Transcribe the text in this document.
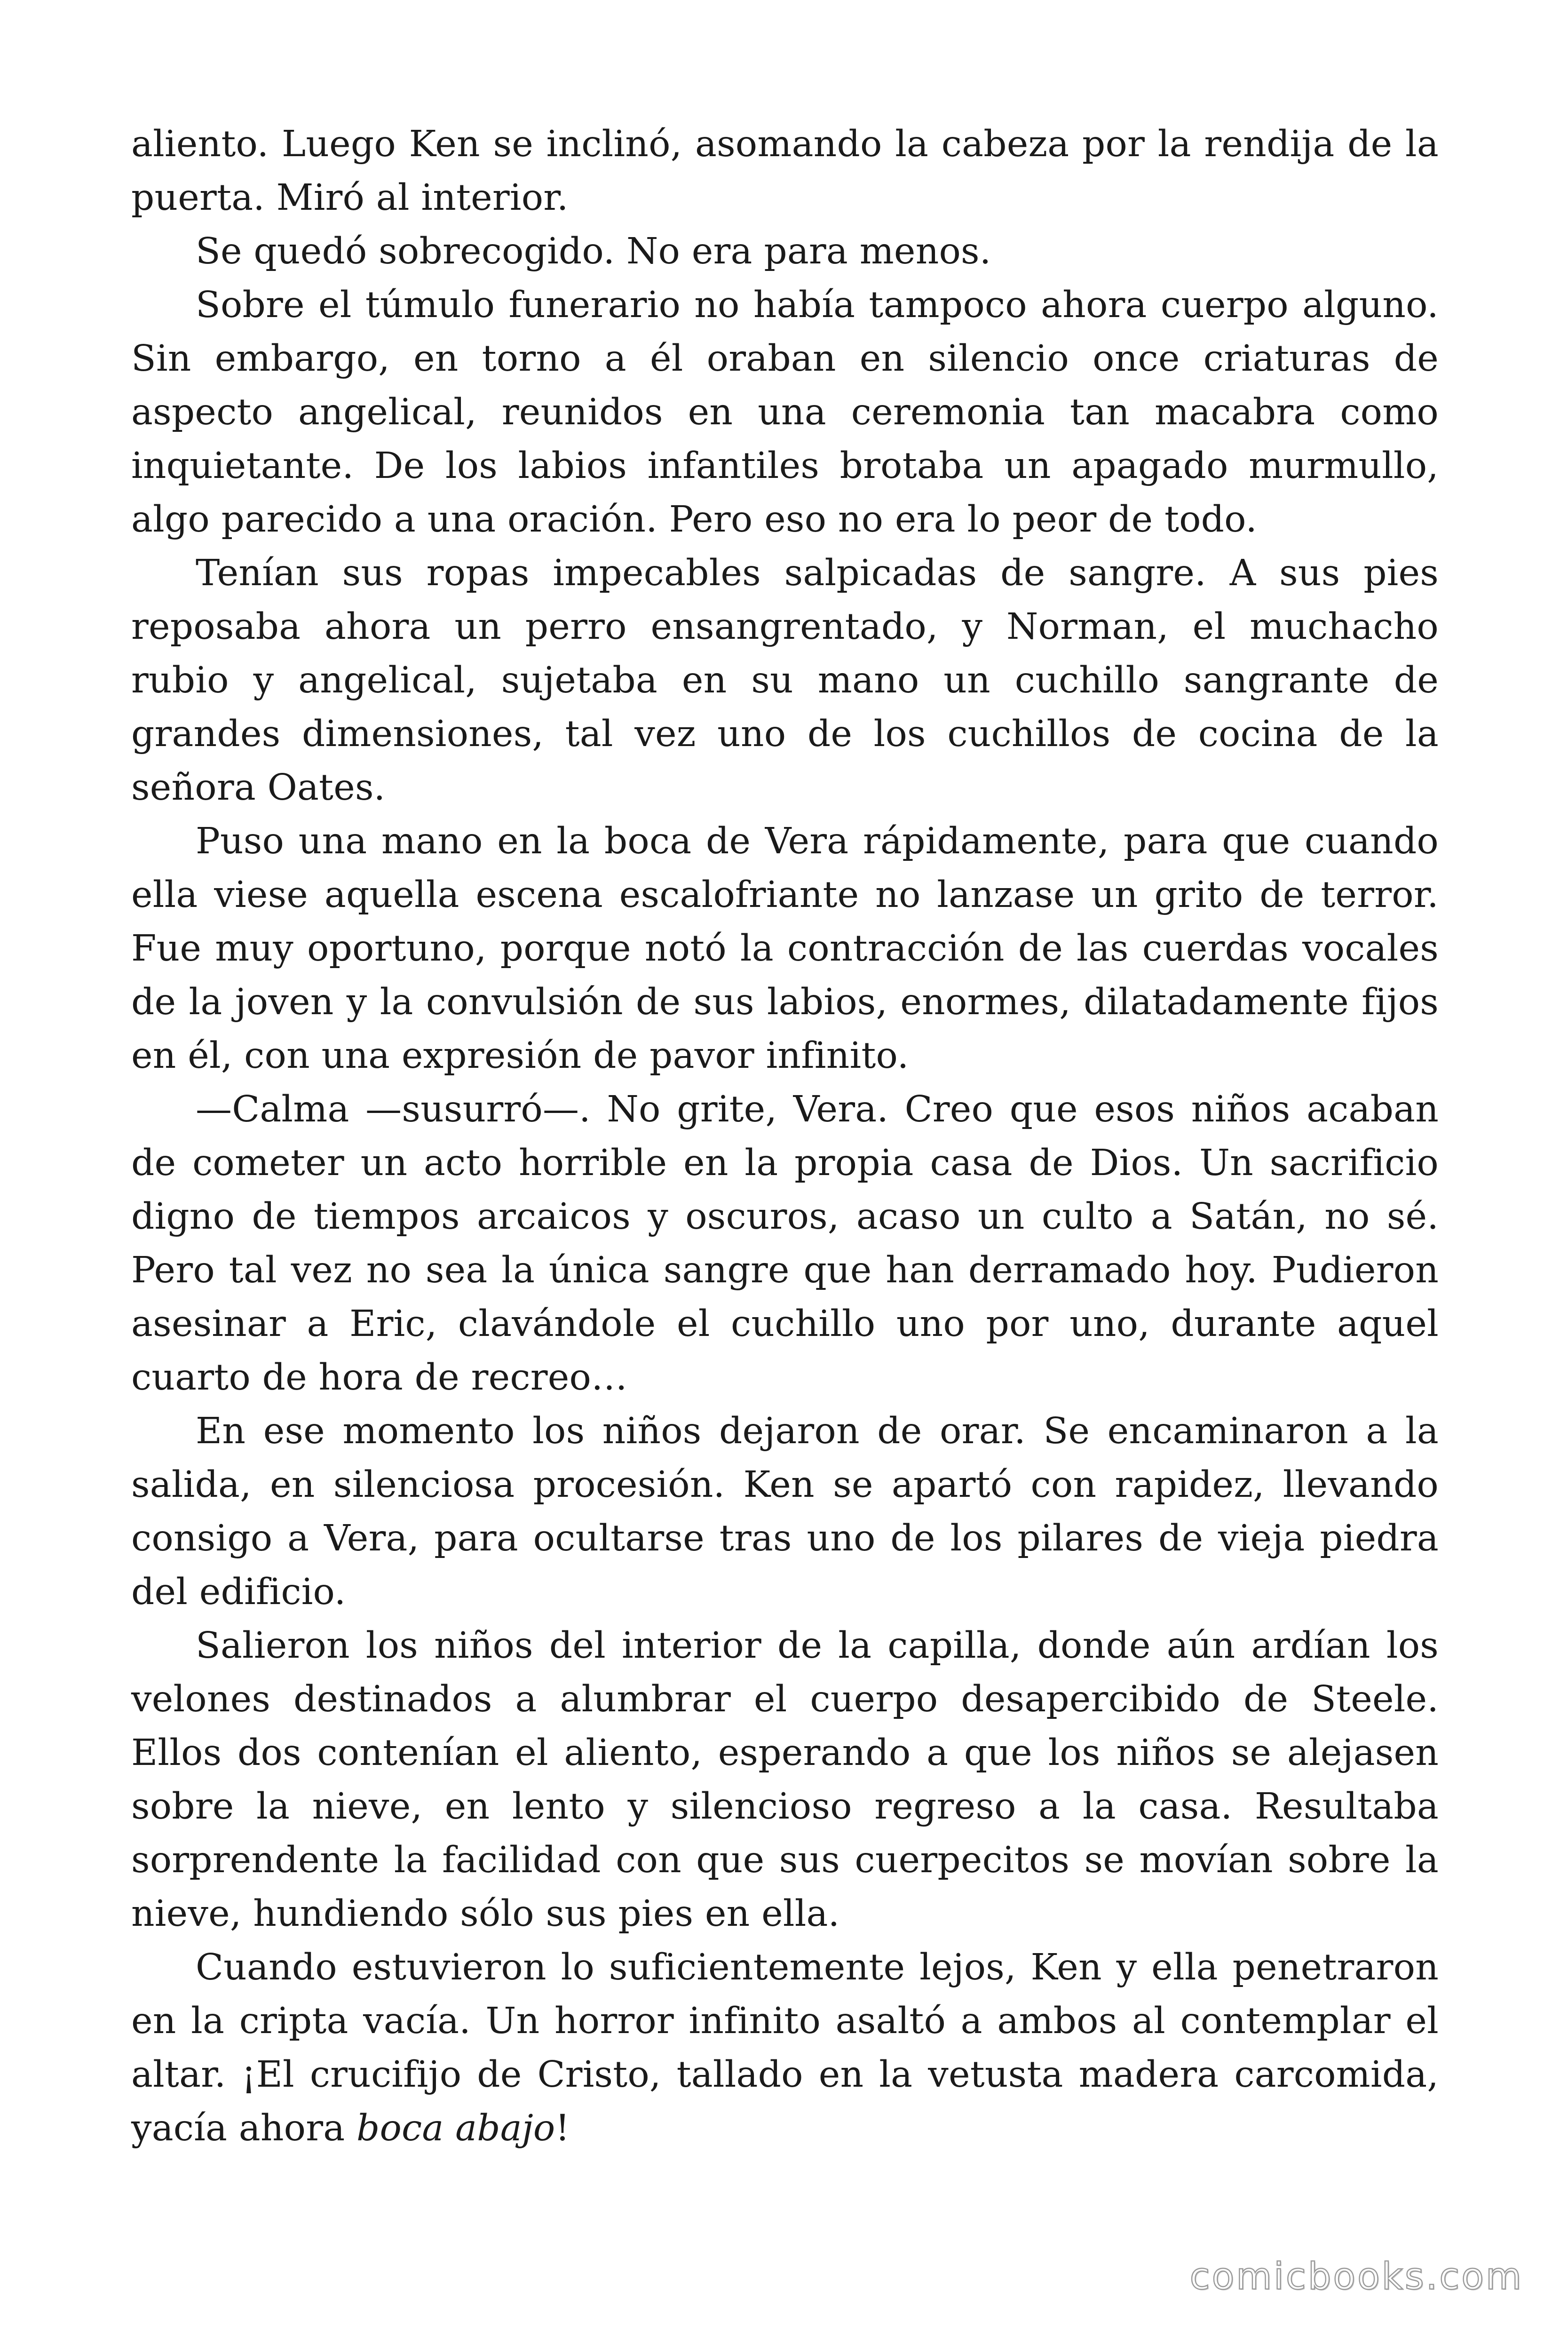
aliento. Luego Ken se inclinó, asomando la cabeza por la rendija de la puerta. Miró al interior.

Se quedó sobrecogido. No era para menos.

Sobre el túmulo funerario no había tampoco ahora cuerpo alguno. Sin embargo, en torno a él oraban en silencio once criaturas de aspecto angelical, reunidos en una ceremonia tan macabra como inquietante. De los labios infantiles brotaba un apagado murmullo, algo parecido a una oración. Pero eso no era lo peor de todo.

Tenían sus ropas impecables salpicadas de sangre. A sus pies reposaba ahora un perro ensangrentado, y Norman, el muchacho rubio y angelical, sujetaba en su mano un cuchillo sangrante de grandes dimensiones, tal vez uno de los cuchillos de cocina de la señora Oates.

Puso una mano en la boca de Vera rápidamente, para que cuando ella viese aquella escena escalofriante no lanzase un grito de terror. Fue muy oportuno, porque notó la contracción de las cuerdas vocales de la joven y la convulsión de sus labios, enormes, dilatadamente fijos en él, con una expresión de pavor infinito.

—Calma —susurró—. No grite, Vera. Creo que esos niños acaban de cometer un acto horrible en la propia casa de Dios. Un sacrificio digno de tiempos arcaicos y oscuros, acaso un culto a Satán, no sé. Pero tal vez no sea la única sangre que han derramado hoy. Pudieron asesinar a Eric, clavándole el cuchillo uno por uno, durante aquel cuarto de hora de recreo…

En ese momento los niños dejaron de orar. Se encaminaron a la salida, en silenciosa procesión. Ken se apartó con rapidez, llevando consigo a Vera, para ocultarse tras uno de los pilares de vieja piedra del edificio.

Salieron los niños del interior de la capilla, donde aún ardían los velones destinados a alumbrar el cuerpo desapercibido de Steele. Ellos dos contenían el aliento, esperando a que los niños se alejasen sobre la nieve, en lento y silencioso regreso a la casa. Resultaba sorprendente la facilidad con que sus cuerpecitos se movían sobre la nieve, hundiendo sólo sus pies en ella.

Cuando estuvieron lo suficientemente lejos, Ken y ella penetraron en la cripta vacía. Un horror infinito asaltó a ambos al contemplar el altar. ¡El crucifijo de Cristo, tallado en la vetusta madera carcomida, yacía ahora boca abajo!

comicbooks.com
